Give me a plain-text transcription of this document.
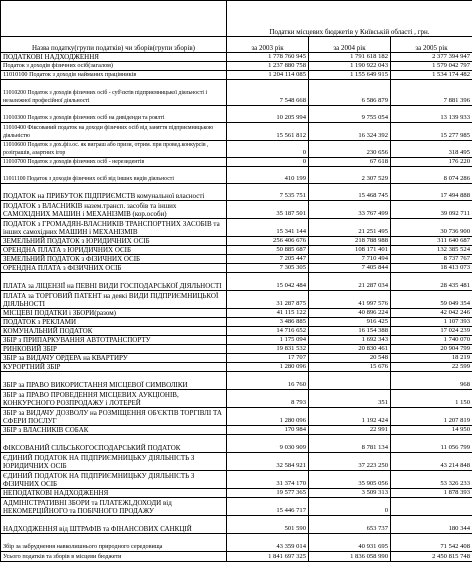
	Податки місцевих бюджетів у Київській області , грн.		
Назва податку(групи податків) чи зборів(групи зборів)	за 2003 рік	за 2004 рік	за 2005 рік
ПОДАТКОВІ НАДХОДЖЕННЯ	1 778 760 945	1 791 618 182	2 377 394 947
Податок з доходів фізичних осіб(загалом)	1 237 880 758	1 190 922 043	1 579 042 797
11010100 Податок з доходів найманих працівників	1 204 114 085	1 155 649 915	1 534 174 482
11010200 Податок з доходів фізичних осіб - суб'єктів підприємницької діяльності і незалежної професійної діяльності	7 548 668	6 586 879	7 881 396
11010300 Податок з доходів фізичних осіб на дивіденди та роялті	10 205 994	9 755 054	13 139 933
11010400 Фіксований податок на доходи фізичних осіб від заняття підприємницькою діяльністю	15 561 812	16 324 392	15 277 985
11010600 Податок з дох.фіз.ос. як виграш або призи, отрим. при провед.конкурсів , розіграшів, азартних ігор	0	230 656	318 495
11010700 Податок з доходів фізичних осіб - нерезидентів	0	67 618	176 220
11011100 Податок з доходів фізичних осіб від інших видів діяльності	410 199	2 307 529	8 074 286
ПОДАТОК на ПРИБУТОК ПІДПРИЄМСТВ комунальної власності	7 535 751	15 468 745	17 494 888
ПОДАТОК з ВЛАСНИКІВ назем.трансп. засобів та інших САМОХІДНИХ МАШИН і МЕХАНІЗМІВ (кор.особи)	35 187 501	33 767 499	39 092 711
ПОДАТОК з ГРОМАДЯН-ВЛАСНИКІВ ТРАНСПОРТНИХ ЗАСОБІВ та інших самохідних МАШИН і МЕХАНІЗМІВ	15 341 144	21 251 495	30 736 900
ЗЕМЕЛЬНИЙ ПОДАТОК з ЮРИДИЧНИХ ОСІБ	256 406 676	218 788 988	311 640 687
ОРЕНДНА ПЛАТА з ЮРИДИЧНИХ ОСІБ	50 885 687	108 171 401	132 385 524
ЗЕМЕЛЬНИЙ ПОДАТОК з ФІЗИЧНИХ ОСІБ	7 205 447	7 710 494	8 737 767
ОРЕНДНА ПЛАТА з ФІЗИЧНИХ ОСІБ	7 305 305	7 405 844	18 413 073
ПЛАТА за ЛІЦЕНЗІЇ на ПЕВНІ ВИДИ ГОСПОДАРСЬКОЇ ДІЯЛЬНОСТІ	15 042 484	21 287 034	28 435 481
ПЛАТА за ТОРГОВИЙ ПАТЕНТ на деякі ВИДИ ПІДПРИЄМНИЦЬКОЇ ДІЯЛЬНОСТІ	31 287 875	41 997 576	59 049 354
МІСЦЕВІ ПОДАТКИ і ЗБОРИ(разом)	41 115 122	40 896 224	42 042 246
ПОДАТОК з РЕКЛАМИ	3 486 885	916 425	1 107 393
КОМУНАЛЬНИЙ ПОДАТОК	14 716 652	16 154 388	17 024 239
ЗБІР з ПРИПАРКУВАННЯ АВТОТРАНСПОРТУ	1 175 094	1 692 343	1 740 070
РИНКОВИЙ ЗБІР	19 831 532	20 830 461	20 904 799
ЗБІР за ВИДАЧУ ОРДЕРА на КВАРТИРУ	17 707	20 548	18 219
КУРОРТНИЙ ЗБІР	1 280 096	15 676	22 599
ЗБІР за ПРАВО ВИКОРИСТАННЯ МІСЦЕВОЇ СИМВОЛІКИ	16 760		968
ЗБІР за ПРАВО ПРОВЕДЕННЯ МІСЦЕВИХ АУКЦІОНІВ, КОНКУРСНОГО РОЗПРОДАЖУ і ЛОТЕРЕЙ	8 793	351	1 150
ЗБІР за ВИДАЧУ ДОЗВОЛУ на РОЗМІЩЕННЯ ОБ'ЄКТІВ ТОРГІВЛІ ТА СФЕРИ ПОСЛУГ	1 280 096	1 192 424	1 207 819
ЗБІР з ВЛАСНИКІВ СОБАК	170 984	22 991	14 950
ФІКСОВАНИЙ СІЛЬСЬКОГОСПОДАРСЬКИЙ ПОДАТОК	9 030 909	8 781 134	11 056 799
ЄДИНИЙ ПОДАТОК НА ПІДПРИЄМНИЦЬКУ ДІЯЛЬНІСТЬ З ЮРИДИЧНИХ ОСІБ	32 584 921	37 223 250	43 214 848
ЄДИНИЙ ПОДАТОК НА ПІДПРИЄМНИЦЬКУ ДІЯЛЬНІСТЬ З ФІЗИЧНИХ ОСІБ	31 374 170	35 905 056	53 326 233
НЕПОДАТКОВІ НАДХОДЖЕННЯ	19 577 365	3 509 313	1 878 393
АДМІНІСТРАТИВНІ ЗБОРИ та ПЛАТЕЖІ,ДОХОДИ від НЕКОМЕРЦІЙНОГО та ПОБІЧНОГО ПРОДАЖУ	15 446 717	0	
НАДХОДЖЕННЯ від ШТРАФІВ та ФІНАНСОВИХ САНКЦІЙ	501 590	653 737	180 344
Збір за забруднення навколишнього природного середовища	43 359 014	40 931 695	71 542 408
Усього податків та зборів в місцеви бюджети	1 841 697 325	1 836 058 990	2 450 815 748
